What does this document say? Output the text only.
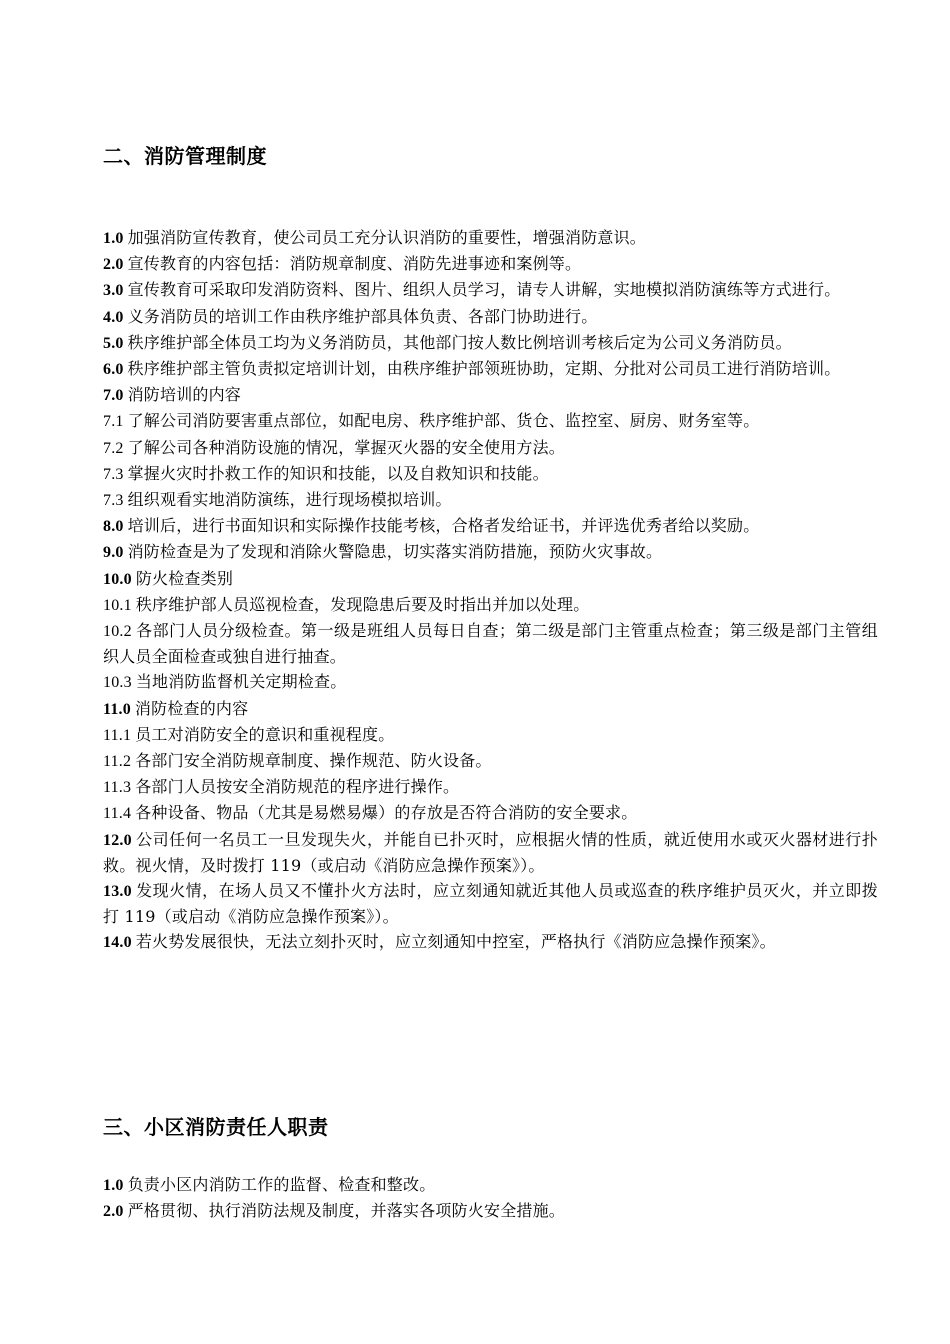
二、消防管理制度
1.0 加强消防宣传教育，使公司员工充分认识消防的重要性，增强消防意识。
2.0 宣传教育的内容包括：消防规章制度、消防先进事迹和案例等。
3.0 宣传教育可采取印发消防资料、图片、组织人员学习，请专人讲解，实地模拟消防演练等方式进行。
4.0 义务消防员的培训工作由秩序维护部具体负责、各部门协助进行。
5.0 秩序维护部全体员工均为义务消防员，其他部门按人数比例培训考核后定为公司义务消防员。
6.0 秩序维护部主管负责拟定培训计划，由秩序维护部领班协助，定期、分批对公司员工进行消防培训。
7.0 消防培训的内容
7.1 了解公司消防要害重点部位，如配电房、秩序维护部、货仓、监控室、厨房、财务室等。
7.2 了解公司各种消防设施的情况，掌握灭火器的安全使用方法。
7.3 掌握火灾时扑救工作的知识和技能，以及自救知识和技能。
7.3 组织观看实地消防演练，进行现场模拟培训。
8.0 培训后，进行书面知识和实际操作技能考核，合格者发给证书，并评选优秀者给以奖励。
9.0 消防检查是为了发现和消除火警隐患，切实落实消防措施，预防火灾事故。
10.0 防火检查类别
10.1 秩序维护部人员巡视检查，发现隐患后要及时指出并加以处理。
10.2 各部门人员分级检查。第一级是班组人员每日自查；第二级是部门主管重点检查；第三级是部门主管组织人员全面检查或独自进行抽查。
10.3 当地消防监督机关定期检查。
11.0 消防检查的内容
11.1 员工对消防安全的意识和重视程度。
11.2 各部门安全消防规章制度、操作规范、防火设备。
11.3 各部门人员按安全消防规范的程序进行操作。
11.4 各种设备、物品（尤其是易燃易爆）的存放是否符合消防的安全要求。
12.0 公司任何一名员工一旦发现失火，并能自已扑灭时，应根据火情的性质，就近使用水或灭火器材进行扑救。视火情，及时拨打 119（或启动《消防应急操作预案》）。
13.0 发现火情，在场人员又不懂扑火方法时，应立刻通知就近其他人员或巡查的秩序维护员灭火，并立即拨打 119（或启动《消防应急操作预案》）。
14.0 若火势发展很快，无法立刻扑灭时，应立刻通知中控室，严格执行《消防应急操作预案》。
三、小区消防责任人职责
1.0 负责小区内消防工作的监督、检查和整改。
2.0 严格贯彻、执行消防法规及制度，并落实各项防火安全措施。
